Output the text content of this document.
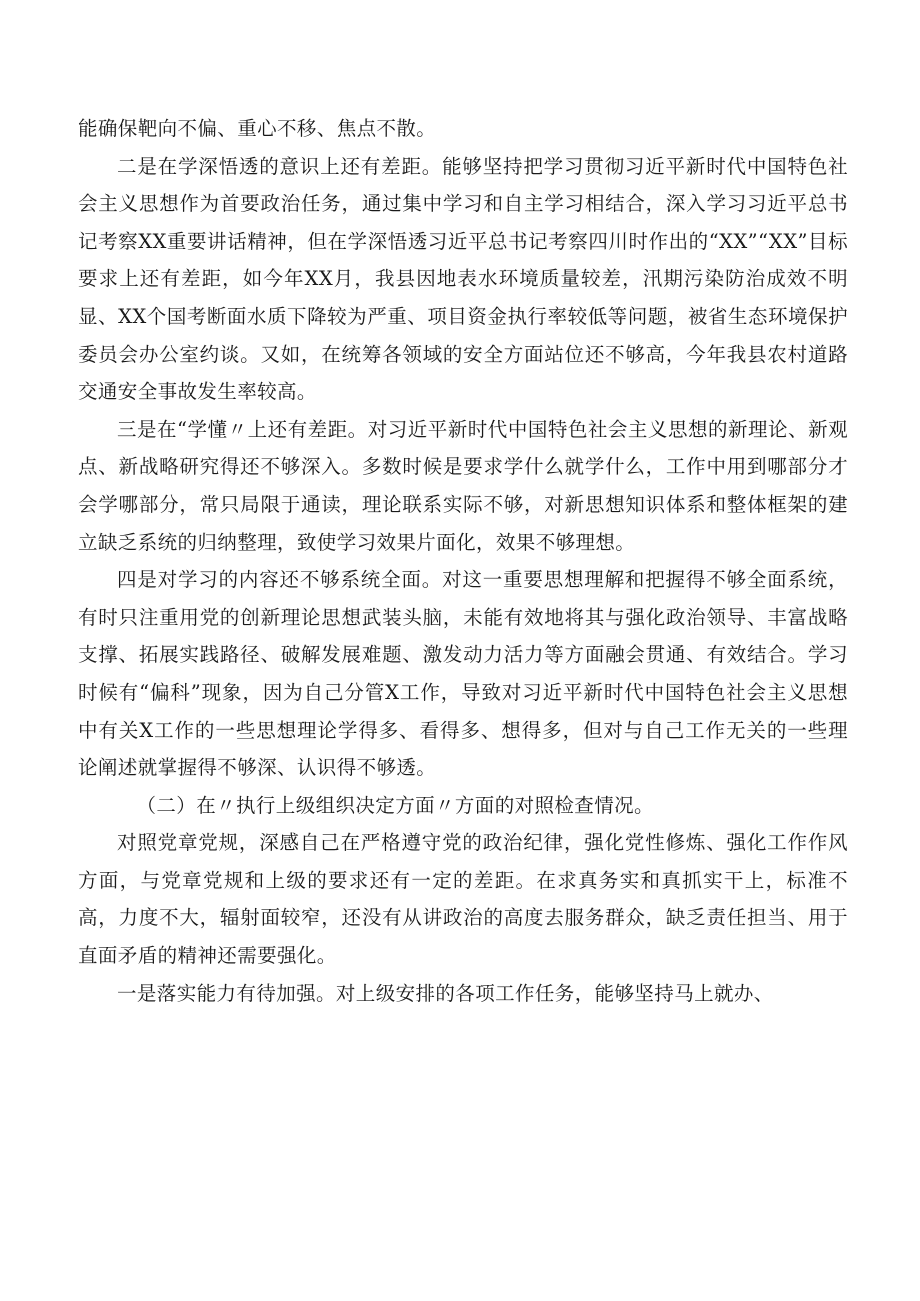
能确保靶向不偏、重心不移、焦点不散。

二是在学深悟透的意识上还有差距。能够坚持把学习贯彻习近平新时代中国特色社会主义思想作为首要政治任务，通过集中学习和自主学习相结合，深入学习习近平总书记考察XX重要讲话精神，但在学深悟透习近平总书记考察四川时作出的“XX”“XX”目标要求上还有差距，如今年XX月，我县因地表水环境质量较差，汛期污染防治成效不明显、XX个国考断面水质下降较为严重、项目资金执行率较低等问题，被省生态环境保护委员会办公室约谈。又如，在统筹各领域的安全方面站位还不够高，今年我县农村道路交通安全事故发生率较高。

三是在“学懂〃上还有差距。对习近平新时代中国特色社会主义思想的新理论、新观点、新战略研究得还不够深入。多数时候是要求学什么就学什么，工作中用到哪部分才会学哪部分，常只局限于通读，理论联系实际不够，对新思想知识体系和整体框架的建立缺乏系统的归纳整理，致使学习效果片面化，效果不够理想。

四是对学习的内容还不够系统全面。对这一重要思想理解和把握得不够全面系统，有时只注重用党的创新理论思想武装头脑，未能有效地将其与强化政治领导、丰富战略支撑、拓展实践路径、破解发展难题、激发动力活力等方面融会贯通、有效结合。学习时候有“偏科”现象，因为自己分管X工作，导致对习近平新时代中国特色社会主义思想中有关X工作的一些思想理论学得多、看得多、想得多，但对与自己工作无关的一些理论阐述就掌握得不够深、认识得不够透。

（二）在〃执行上级组织决定方面〃方面的对照检查情况。

对照党章党规，深感自己在严格遵守党的政治纪律，强化党性修炼、强化工作作风方面，与党章党规和上级的要求还有一定的差距。在求真务实和真抓实干上，标准不高，力度不大，辐射面较窄，还没有从讲政治的高度去服务群众，缺乏责任担当、用于直面矛盾的精神还需要强化。

一是落实能力有待加强。对上级安排的各项工作任务，能够坚持马上就办、
